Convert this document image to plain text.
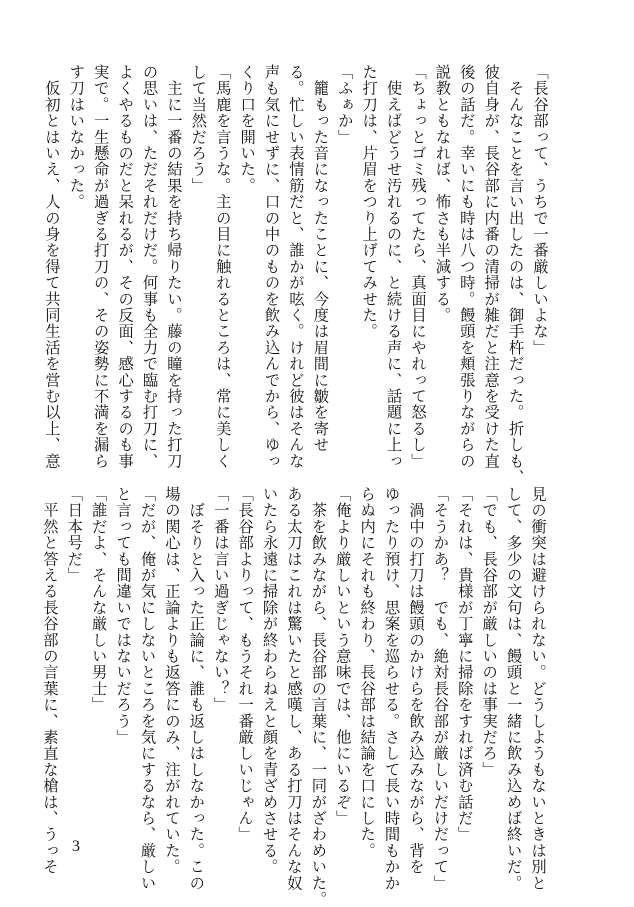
「長谷部って、うちで一番厳しいよな」
　そんなことを言い出したのは、御手杵だった。折しも、
彼自身が、長谷部に内番の清掃が雑だと注意を受けた直
後の話だ。幸いにも時は八つ時。饅頭を頬張りながらの
説教ともなれば、怖さも半減する。
「ちょっとゴミ残ってたら、真面目にやれって怒るし」
　使えばどうせ汚れるのに、と続ける声に、話題に上っ
た打刀は、片眉をつり上げてみせた。
「ふぁか」
　籠もった音になったことに、今度は眉間に皺を寄せ
る。忙しい表情筋だと、誰かが呟く。けれど彼はそんな
声も気にせずに、口の中のものを飲み込んでから、ゆっ
くり口を開いた。
「馬鹿を言うな。主の目に触れるところは、常に美しく
して当然だろう」
　主に一番の結果を持ち帰りたい。藤の瞳を持った打刀
の思いは、ただそれだけだ。何事も全力で臨む打刀に、
よくやるものだと呆れるが、その反面、感心するのも事
実で。一生懸命が過ぎる打刀の、その姿勢に不満を漏ら
す刀はいなかった。
　仮初とはいえ、人の身を得て共同生活を営む以上、意
見の衝突は避けられない。どうしようもないときは別と
して、多少の文句は、饅頭と一緒に飲み込めば終いだ。
「でも、長谷部が厳しいのは事実だろ」
「それは、貴様が丁寧に掃除をすれば済む話だ」
「そうかあ？　でも、絶対長谷部が厳しいだけだって」
　渦中の打刀は饅頭のかけらを飲み込みながら、背を
ゆったり預け、思案を巡らせる。さして長い時間もかか
らぬ内にそれも終わり、長谷部は結論を口にした。
「俺より厳しいという意味では、他にいるぞ」
　茶を飲みながら、長谷部の言葉に、一同がざわめいた。
ある太刀はこれは驚いたと感嘆し、ある打刀はそんな奴
いたら永遠に掃除が終わらねえと顔を青ざめさせる。
「長谷部よりって、もうそれ一番厳しいじゃん」
「一番は言い過ぎじゃない？」
　ぼそりと入った正論に、誰も返しはしなかった。この
場の関心は、正論よりも返答にのみ、注がれていた。
「だが、俺が気にしないところを気にするなら、厳しい
と言っても間違いではないだろう」
「誰だよ、そんな厳しい男士」
「日本号だ」
　平然と答える長谷部の言葉に、素直な槍は、うっそ 3
